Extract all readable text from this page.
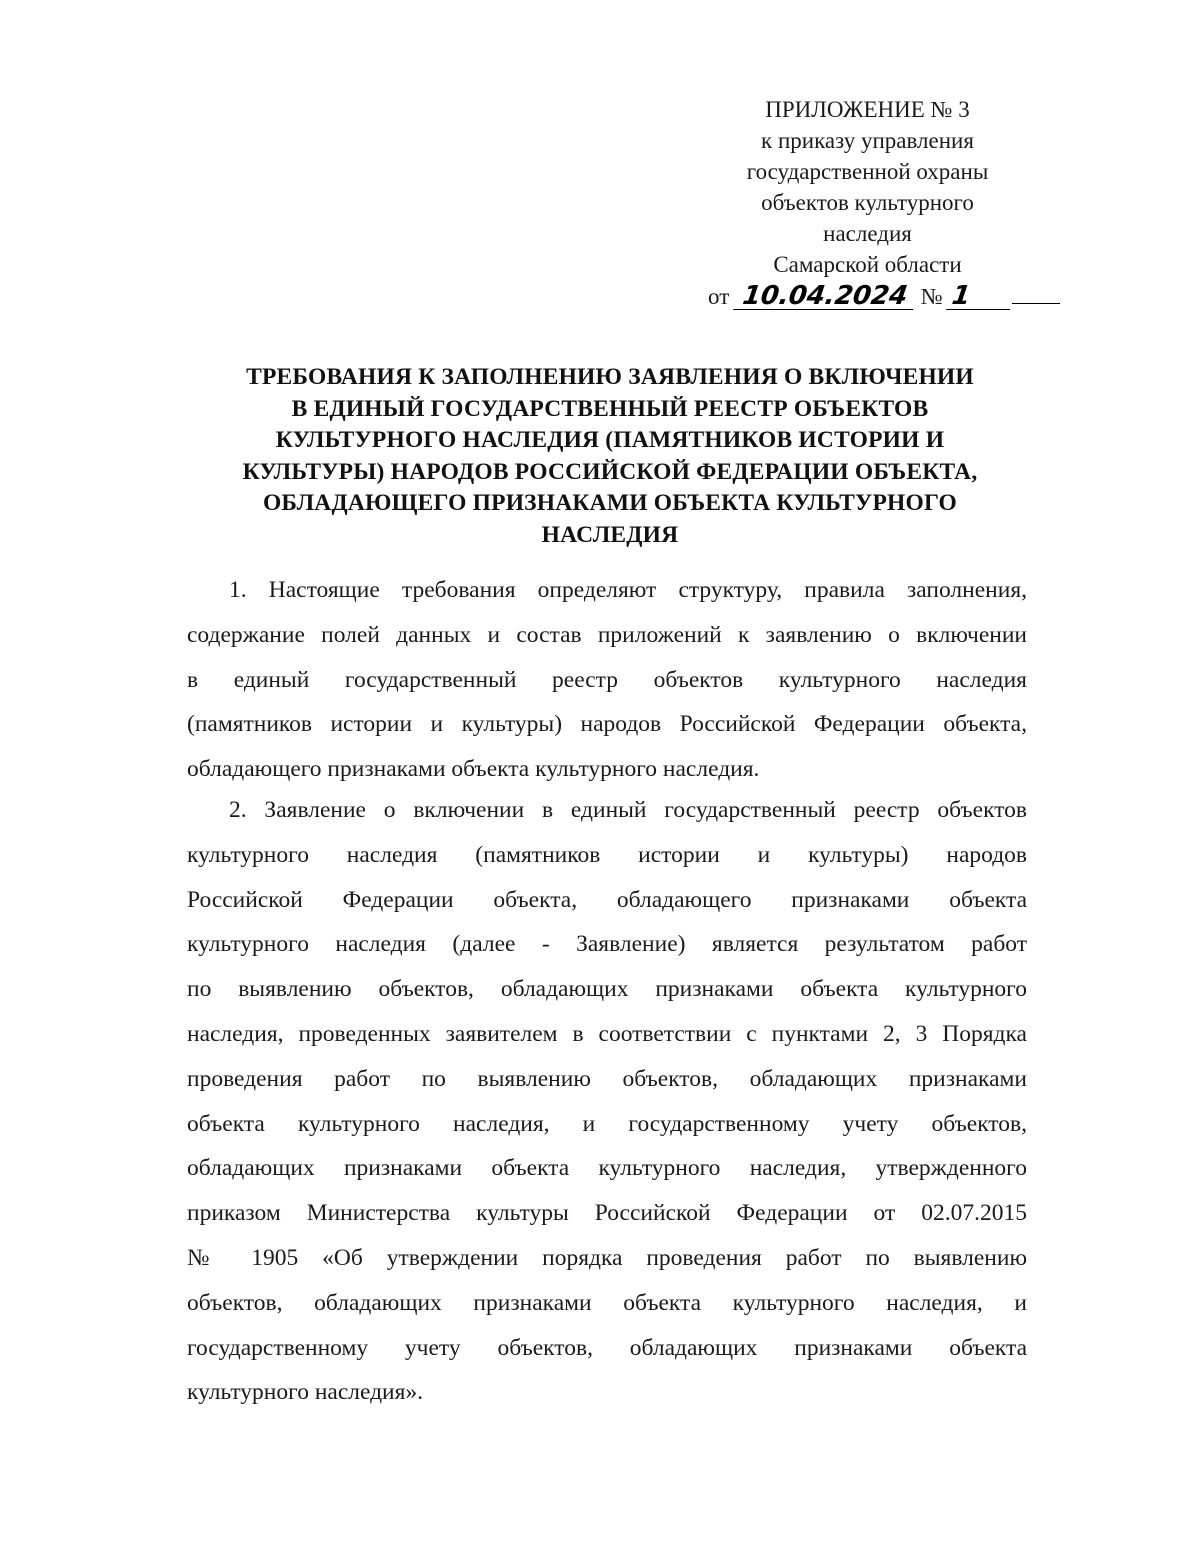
ПРИЛОЖЕНИЕ № 3
к приказу управления
государственной охраны
объектов культурного
наследия
Самарской области
от 10.04.2024 № 1
ТРЕБОВАНИЯ К ЗАПОЛНЕНИЮ ЗАЯВЛЕНИЯ О ВКЛЮЧЕНИИ
В ЕДИНЫЙ ГОСУДАРСТВЕННЫЙ РЕЕСТР ОБЪЕКТОВ
КУЛЬТУРНОГО НАСЛЕДИЯ (ПАМЯТНИКОВ ИСТОРИИ И
КУЛЬТУРЫ) НАРОДОВ РОССИЙСКОЙ ФЕДЕРАЦИИ ОБЪЕКТА,
ОБЛАДАЮЩЕГО ПРИЗНАКАМИ ОБЪЕКТА КУЛЬТУРНОГО
НАСЛЕДИЯ
1. Настоящие требования определяют структуру, правила заполнения,
содержание полей данных и состав приложений к заявлению о включении
в единый государственный реестр объектов культурного наследия
(памятников истории и культуры) народов Российской Федерации объекта,
обладающего признаками объекта культурного наследия.
2. Заявление о включении в единый государственный реестр объектов
культурного наследия (памятников истории и культуры) народов
Российской Федерации объекта, обладающего признаками объекта
культурного наследия (далее - Заявление) является результатом работ
по выявлению объектов, обладающих признаками объекта культурного
наследия, проведенных заявителем в соответствии с пунктами 2, 3 Порядка
проведения работ по выявлению объектов, обладающих признаками
объекта культурного наследия, и государственному учету объектов,
обладающих признаками объекта культурного наследия, утвержденного
приказом Министерства культуры Российской Федерации от 02.07.2015
№ 1905 «Об утверждении порядка проведения работ по выявлению
объектов, обладающих признаками объекта культурного наследия, и
государственному учету объектов, обладающих признаками объекта
культурного наследия».
